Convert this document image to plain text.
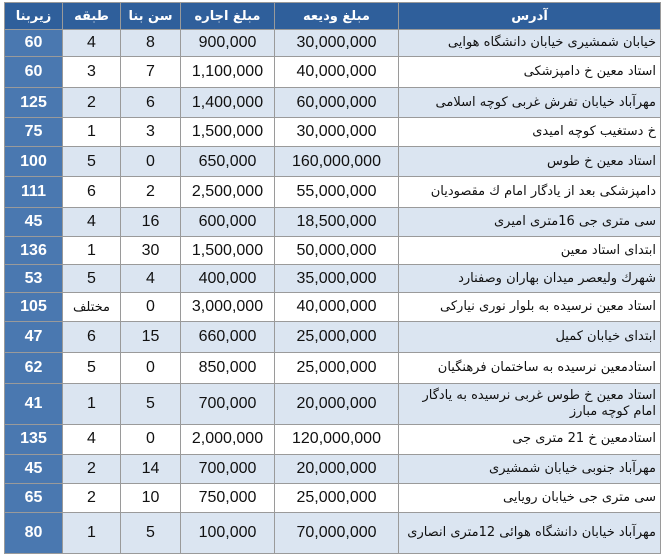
آدرس	مبلغ ودیعه	مبلغ اجاره	سن بنا	طبقه	زیربنا
خیابان شمشیری خیابان دانشگاه هوایی	30,000,000	900,000	8	4	60
استاد معین خ دامپزشکی	40,000,000	1,100,000	7	3	60
مهرآباد خیابان تفرش غربی کوچه اسلامی	60,000,000	1,400,000	6	2	125
خ دستغیب کوچه امیدی	30,000,000	1,500,000	3	1	75
استاد معین خ طوس	160,000,000	650,000	0	5	100
دامپزشکی بعد از یادگار امام ك مقصودیان	55,000,000	2,500,000	2	6	111
سی متری جی 16متری امیری	18,500,000	600,000	16	4	45
ابتدای استاد معین	50,000,000	1,500,000	30	1	136
شهرك ولیعصر میدان بهاران وصفنارد	35,000,000	400,000	4	5	53
استاد معین نرسیده به بلوار نوری نیارکی	40,000,000	3,000,000	0	مختلف	105
ابتدای خیابان کمیل	25,000,000	660,000	15	6	47
استادمعین نرسیده به ساختمان فرهنگیان	25,000,000	850,000	0	5	62
استاد معین خ طوس غربی نرسیده به یادگار امام کوچه مبارز	20,000,000	700,000	5	1	41
استادمعین خ 21 متری جی	120,000,000	2,000,000	0	4	135
مهرآباد جنوبی خیابان شمشیری	20,000,000	700,000	14	2	45
سی متری جی خیابان رویایی	25,000,000	750,000	10	2	65
مهرآباد خیابان دانشگاه هوائی 12متری انصاری	70,000,000	100,000	5	1	80
